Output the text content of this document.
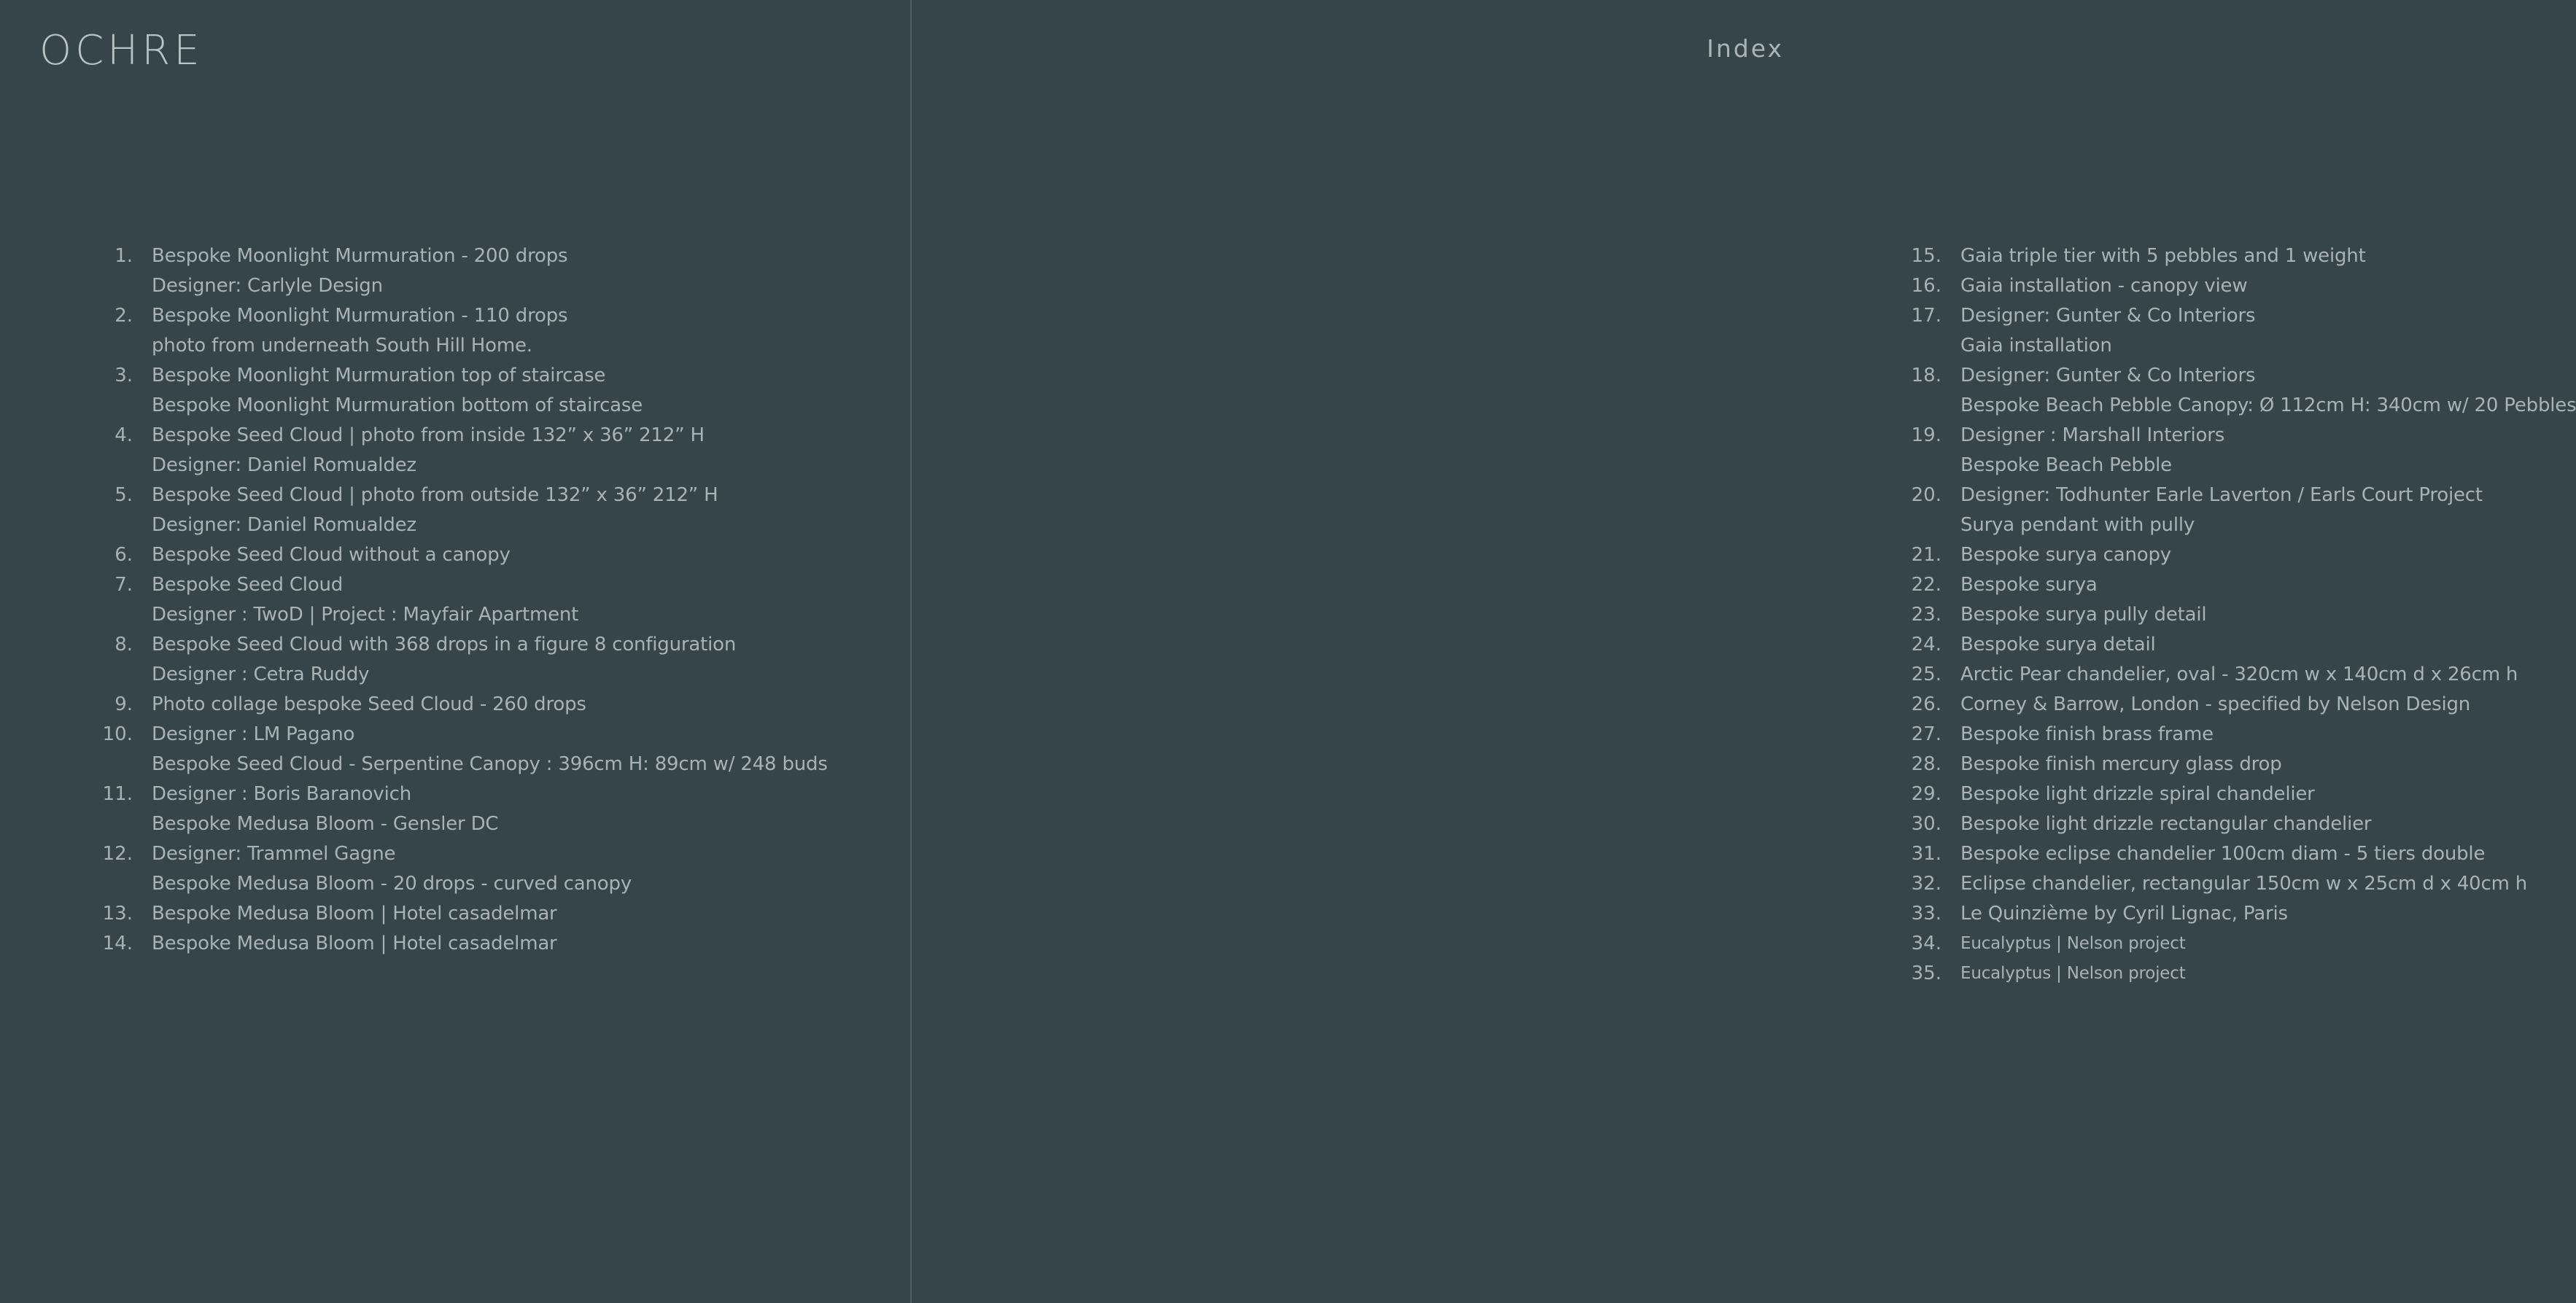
OCHRE
1.	Bespoke Moonlight Murmuration - 200 drops
Designer: Carlyle Design
2.	Bespoke Moonlight Murmuration - 110 drops
photo from underneath South Hill Home.
3.	Bespoke Moonlight Murmuration top of staircase
Bespoke Moonlight Murmuration bottom of staircase
4.	Bespoke Seed Cloud | photo from inside 132” x 36” 212” H
Designer: Daniel Romualdez
5.	Bespoke Seed Cloud | photo from outside 132” x 36” 212” H
Designer: Daniel Romualdez
6.	Bespoke Seed Cloud without a canopy
7.	Bespoke Seed Cloud
Designer : TwoD | Project : Mayfair Apartment
8.	Bespoke Seed Cloud with 368 drops in a figure 8 configuration
Designer : Cetra Ruddy
9.	Photo collage bespoke Seed Cloud - 260 drops
10.	Designer : LM Pagano
Bespoke Seed Cloud - Serpentine Canopy : 396cm H: 89cm w/ 248 buds
11.	Designer : Boris Baranovich
Bespoke Medusa Bloom - Gensler DC
12.	Designer: Trammel Gagne
Bespoke Medusa Bloom - 20 drops - curved canopy
13.	Bespoke Medusa Bloom | Hotel casadelmar
14.	Bespoke Medusa Bloom | Hotel casadelmar
Index
15.	Gaia triple tier with 5 pebbles and 1 weight
16.	Gaia installation - canopy view
17.	Designer: Gunter & Co Interiors
Gaia installation
18.	Designer: Gunter & Co Interiors
Bespoke Beach Pebble Canopy: Ø 112cm H: 340cm w/ 20 Pebbles
19.	Designer : Marshall Interiors
Bespoke Beach Pebble
20.	Designer: Todhunter Earle Laverton / Earls Court Project
Surya pendant with pully
21.	Bespoke surya canopy
22.	Bespoke surya
23.	Bespoke surya pully detail
24.	Bespoke surya detail
25.	Arctic Pear chandelier, oval - 320cm w x 140cm d x 26cm h
26.	Corney & Barrow, London - specified by Nelson Design
27.	Bespoke finish brass frame
28.	Bespoke finish mercury glass drop
29.	Bespoke light drizzle spiral chandelier
30.	Bespoke light drizzle rectangular chandelier
31.	Bespoke eclipse chandelier 100cm diam - 5 tiers double
32.	Eclipse chandelier, rectangular 150cm w x 25cm d x 40cm h
33.	Le Quinzième by Cyril Lignac, Paris
34.	Eucalyptus | Nelson project
35.	Eucalyptus | Nelson project
